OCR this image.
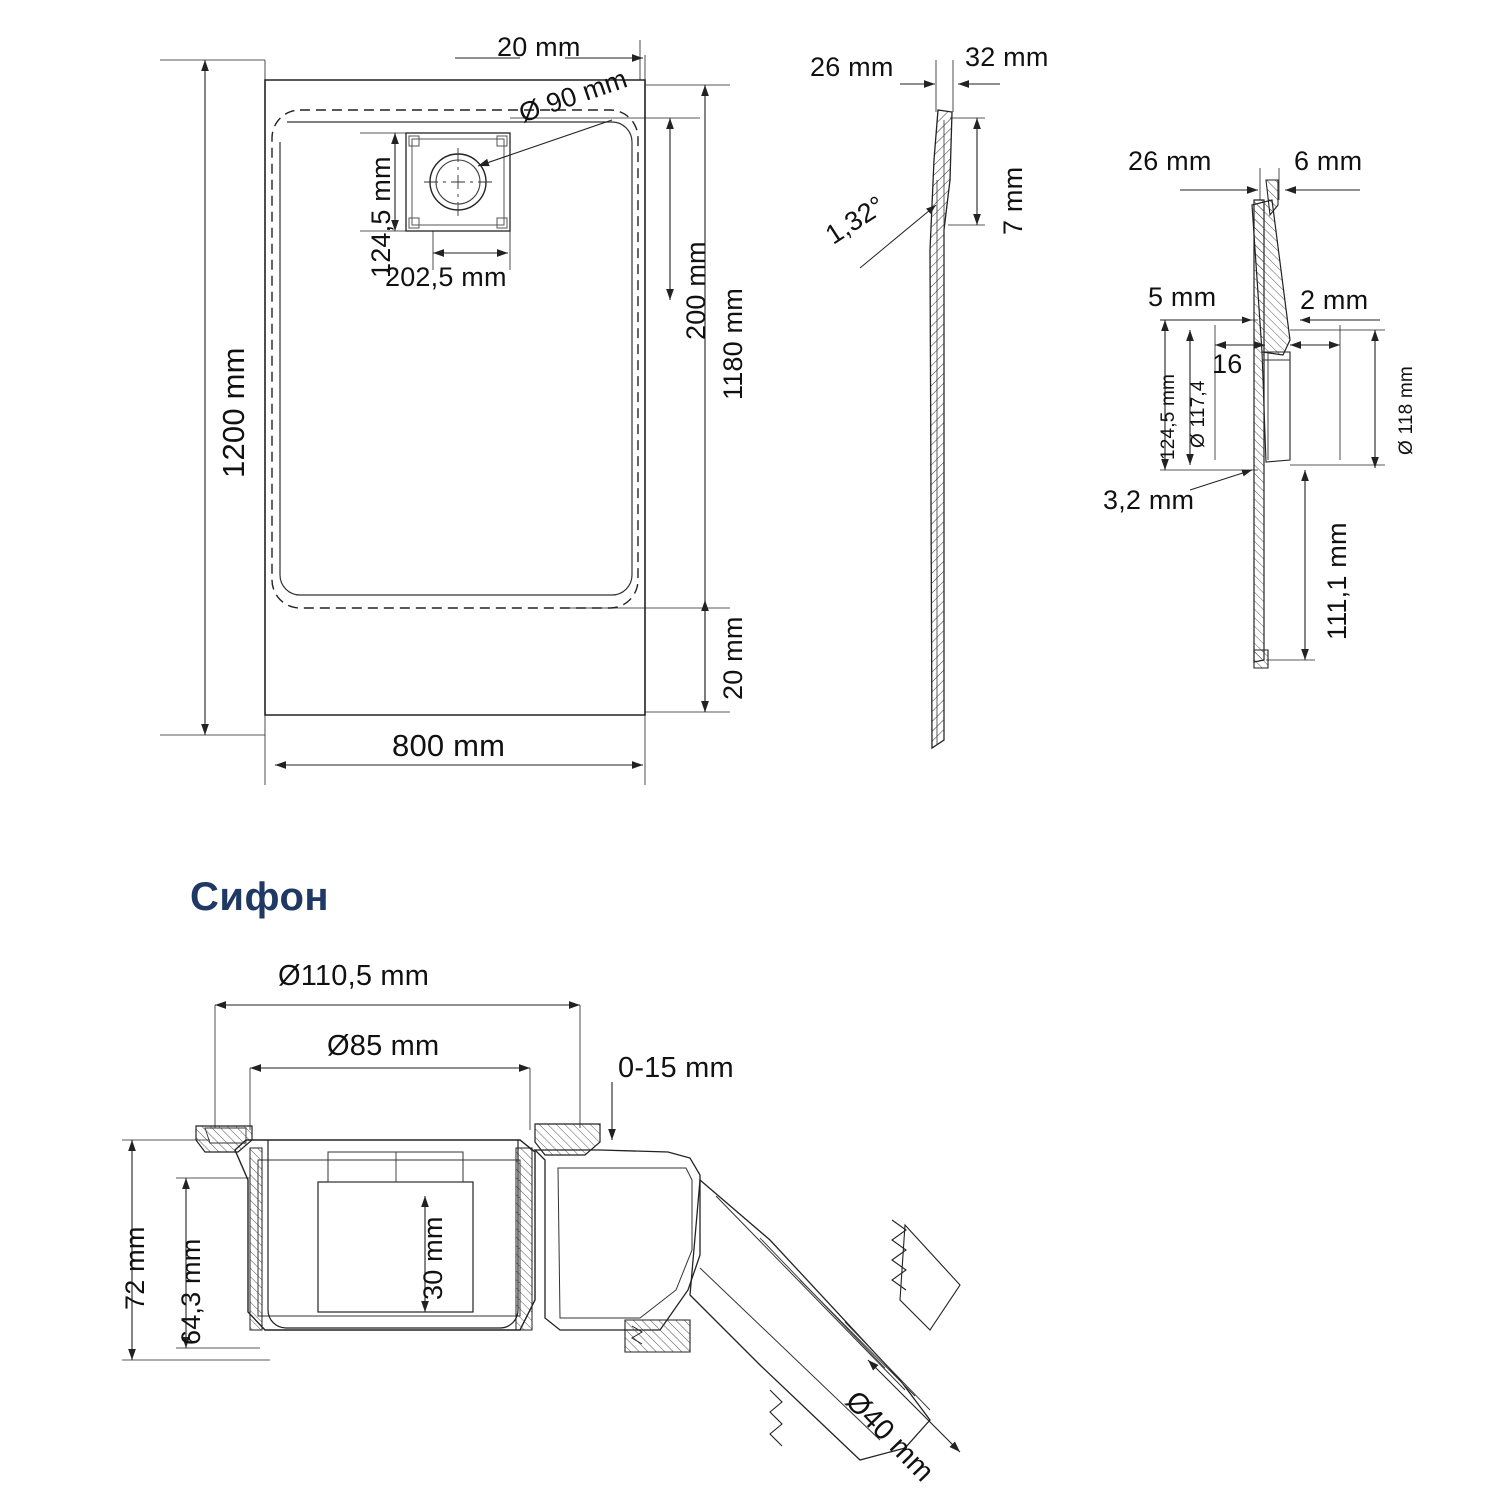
20 mm
Ø 90 mm
124,5 mm
202,5 mm
1200 mm
200 mm 1180 mm
20 mm
800 mm
26 mm	32 mm
7 mm
1,32°
26 mm	6 mm
5 mm	2 mm
16
124,5 mm Ø 117,4	Ø 118 mm
3,2 mm
111,1 mm
Сифон
Ø110,5 mm
Ø85 mm
0-15 mm
72 mm 64,3 mm	30 mm
Ø40 mm
